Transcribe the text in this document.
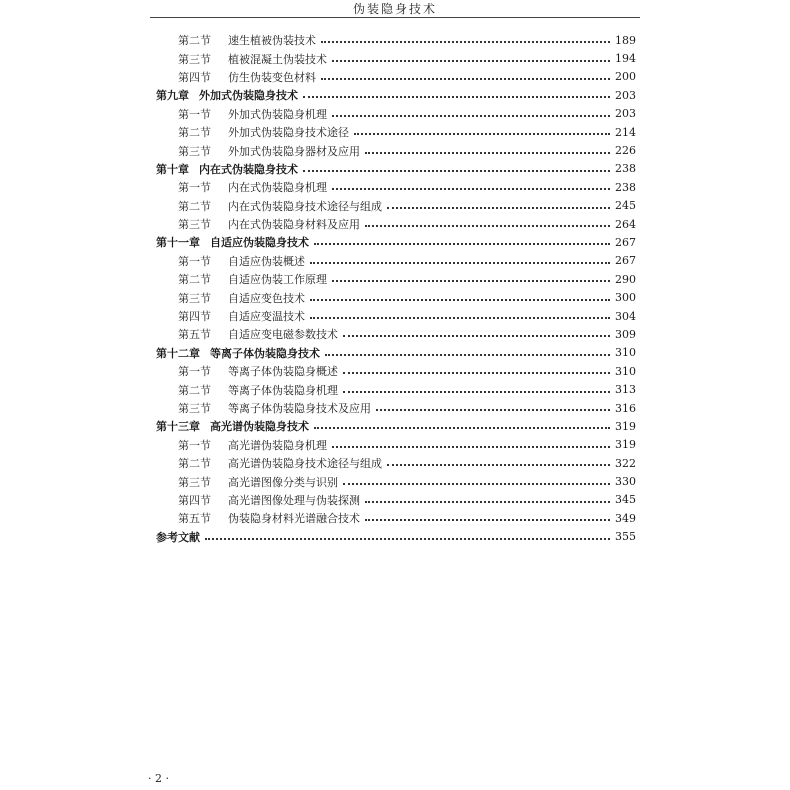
伪装隐身技术
第二节	速生植被伪装技术	189
第三节	植被混凝土伪装技术	194
第四节	仿生伪装变色材料	200
第九章 外加式伪装隐身技术	203
第一节	外加式伪装隐身机理	203
第二节	外加式伪装隐身技术途径	214
第三节	外加式伪装隐身器材及应用	226
第十章 内在式伪装隐身技术	238
第一节	内在式伪装隐身机理	238
第二节	内在式伪装隐身技术途径与组成	245
第三节	内在式伪装隐身材料及应用	264
第十一章 自适应伪装隐身技术	267
第一节	自适应伪装概述	267
第二节	自适应伪装工作原理	290
第三节	自适应变色技术	300
第四节	自适应变温技术	304
第五节	自适应变电磁参数技术	309
第十二章 等离子体伪装隐身技术	310
第一节	等离子体伪装隐身概述	310
第二节	等离子体伪装隐身机理	313
第三节	等离子体伪装隐身技术及应用	316
第十三章 高光谱伪装隐身技术	319
第一节	高光谱伪装隐身机理	319
第二节	高光谱伪装隐身技术途径与组成	322
第三节	高光谱图像分类与识别	330
第四节	高光谱图像处理与伪装探测	345
第五节	伪装隐身材料光谱融合技术	349
参考文献	355
· 2 ·
